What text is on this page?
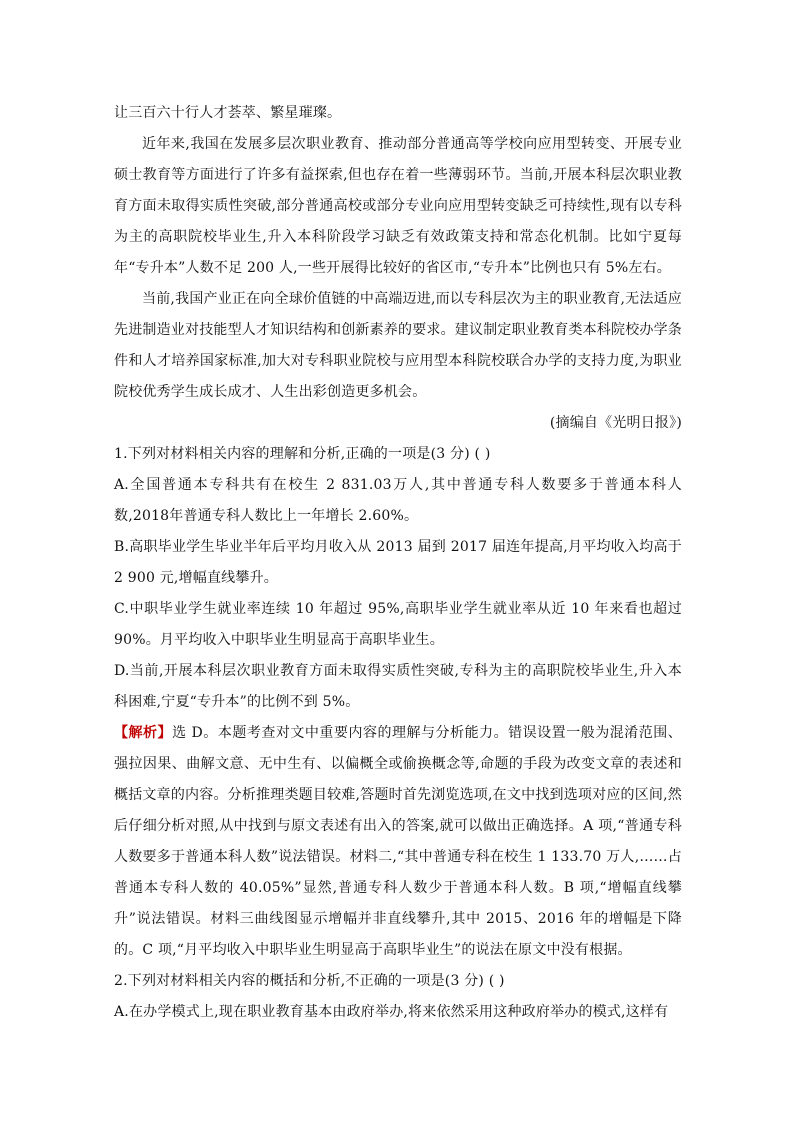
让三百六十行人才荟萃、繁星璀璨。

近年来,我国在发展多层次职业教育、推动部分普通高等学校向应用型转变、开展专业硕士教育等方面进行了许多有益探索,但也存在着一些薄弱环节。当前,开展本科层次职业教育方面未取得实质性突破,部分普通高校或部分专业向应用型转变缺乏可持续性,现有以专科为主的高职院校毕业生,升入本科阶段学习缺乏有效政策支持和常态化机制。比如宁夏每年“专升本”人数不足 200 人,一些开展得比较好的省区市,“专升本”比例也只有 5%左右。

当前,我国产业正在向全球价值链的中高端迈进,而以专科层次为主的职业教育,无法适应先进制造业对技能型人才知识结构和创新素养的要求。建议制定职业教育类本科院校办学条件和人才培养国家标准,加大对专科职业院校与应用型本科院校联合办学的支持力度,为职业院校优秀学生成长成才、人生出彩创造更多机会。

(摘编自《光明日报》)

1.下列对材料相关内容的理解和分析,正确的一项是(3 分) ( )

A.全国普通本专科共有在校生 2 831.03万人,其中普通专科人数要多于普通本科人数,2018年普通专科人数比上一年增长 2.60%。

B.高职毕业学生毕业半年后平均月收入从 2013 届到 2017 届连年提高,月平均收入均高于 2 900 元,增幅直线攀升。

C.中职毕业学生就业率连续 10 年超过 95%,高职毕业学生就业率从近 10 年来看也超过 90%。月平均收入中职毕业生明显高于高职毕业生。

D.当前,开展本科层次职业教育方面未取得实质性突破,专科为主的高职院校毕业生,升入本科困难,宁夏“专升本”的比例不到 5%。

【解析】选 D。本题考查对文中重要内容的理解与分析能力。错误设置一般为混淆范围、强拉因果、曲解文意、无中生有、以偏概全或偷换概念等,命题的手段为改变文章的表述和概括文章的内容。分析推理类题目较难,答题时首先浏览选项,在文中找到选项对应的区间,然后仔细分析对照,从中找到与原文表述有出入的答案,就可以做出正确选择。A 项,“普通专科人数要多于普通本科人数”说法错误。材料二,“其中普通专科在校生 1 133.70 万人,……占普通本专科人数的 40.05%”显然,普通专科人数少于普通本科人数。B 项,“增幅直线攀升”说法错误。材料三曲线图显示增幅并非直线攀升,其中 2015、2016 年的增幅是下降的。C 项,“月平均收入中职毕业生明显高于高职毕业生”的说法在原文中没有根据。

2.下列对材料相关内容的概括和分析,不正确的一项是(3 分) ( )

A.在办学模式上,现在职业教育基本由政府举办,将来依然采用这种政府举办的模式,这样有
